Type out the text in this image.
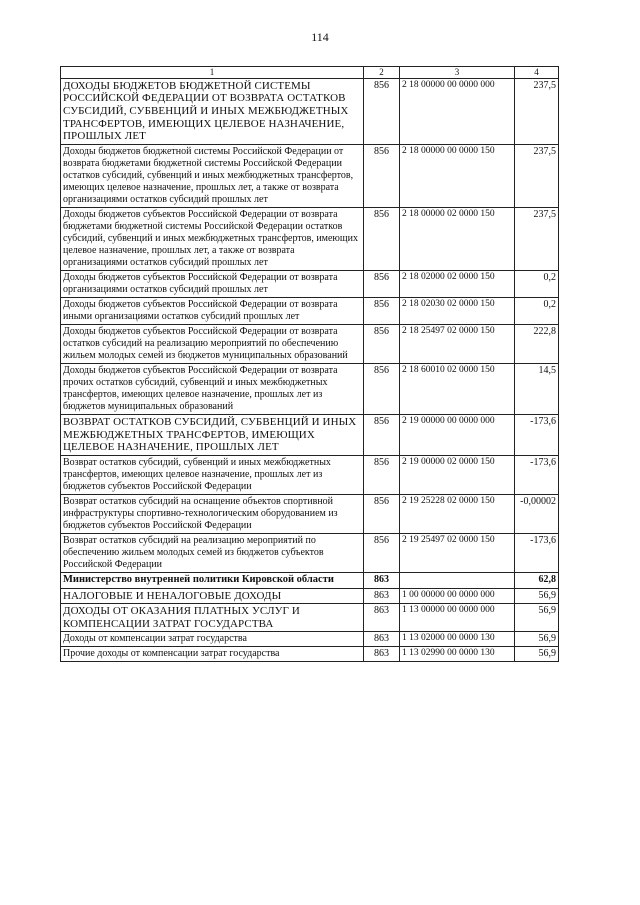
114
1	2	3	4
ДОХОДЫ БЮДЖЕТОВ БЮДЖЕТНОЙ СИСТЕМЫ РОССИЙСКОЙ ФЕДЕРАЦИИ ОТ ВОЗВРАТА ОСТАТКОВ СУБСИДИЙ, СУБВЕНЦИЙ И ИНЫХ МЕЖБЮДЖЕТНЫХ ТРАНСФЕРТОВ, ИМЕЮЩИХ ЦЕЛЕВОЕ НАЗНАЧЕНИЕ, ПРОШЛЫХ ЛЕТ	856	2 18 00000 00 0000 000	237,5
Доходы бюджетов бюджетной системы Российской Федерации от возврата бюджетами бюджетной системы Российской Федерации остатков субсидий, субвенций и иных межбюджетных трансфертов, имеющих целевое назначение, прошлых лет, а также от возврата организациями остатков субсидий прошлых лет	856	2 18 00000 00 0000 150	237,5
Доходы бюджетов субъектов Российской Федерации от возврата бюджетами бюджетной системы Российской Федерации остатков субсидий, субвенций и иных межбюджетных трансфертов, имеющих целевое назначение, прошлых лет, а также от возврата организациями остатков субсидий прошлых лет	856	2 18 00000 02 0000 150	237,5
Доходы бюджетов субъектов Российской Федерации от возврата организациями остатков субсидий прошлых лет	856	2 18 02000 02 0000 150	0,2
Доходы бюджетов субъектов Российской Федерации от возврата иными организациями остатков субсидий прошлых лет	856	2 18 02030 02 0000 150	0,2
Доходы бюджетов субъектов Российской Федерации от возврата остатков субсидий на реализацию мероприятий по обеспечению жильем молодых семей из бюджетов муниципальных образований	856	2 18 25497 02 0000 150	222,8
Доходы бюджетов субъектов Российской Федерации от возврата прочих остатков субсидий, субвенций и иных межбюджетных трансфертов, имеющих целевое назначение, прошлых лет из бюджетов муниципальных образований	856	2 18 60010 02 0000 150	14,5
ВОЗВРАТ ОСТАТКОВ СУБСИДИЙ, СУБВЕНЦИЙ И ИНЫХ МЕЖБЮДЖЕТНЫХ ТРАНСФЕРТОВ, ИМЕЮЩИХ ЦЕЛЕВОЕ НАЗНАЧЕНИЕ, ПРОШЛЫХ ЛЕТ	856	2 19 00000 00 0000 000	-173,6
Возврат остатков субсидий, субвенций и иных межбюджетных трансфертов, имеющих целевое назначение, прошлых лет из бюджетов субъектов Российской Федерации	856	2 19 00000 02 0000 150	-173,6
Возврат остатков субсидий на оснащение объектов спортивной инфраструктуры спортивно-технологическим оборудованием из бюджетов субъектов Российской Федерации	856	2 19 25228 02 0000 150	-0,00002
Возврат остатков субсидий на реализацию мероприятий по обеспечению жильем молодых семей из бюджетов субъектов Российской Федерации	856	2 19 25497 02 0000 150	-173,6
Министерство внутренней политики Кировской области	863		62,8
НАЛОГОВЫЕ И НЕНАЛОГОВЫЕ ДОХОДЫ	863	1 00 00000 00 0000 000	56,9
ДОХОДЫ ОТ ОКАЗАНИЯ ПЛАТНЫХ УСЛУГ И КОМПЕНСАЦИИ ЗАТРАТ ГОСУДАРСТВА	863	1 13 00000 00 0000 000	56,9
Доходы от компенсации затрат государства	863	1 13 02000 00 0000 130	56,9
Прочие доходы от компенсации затрат государства	863	1 13 02990 00 0000 130	56,9
